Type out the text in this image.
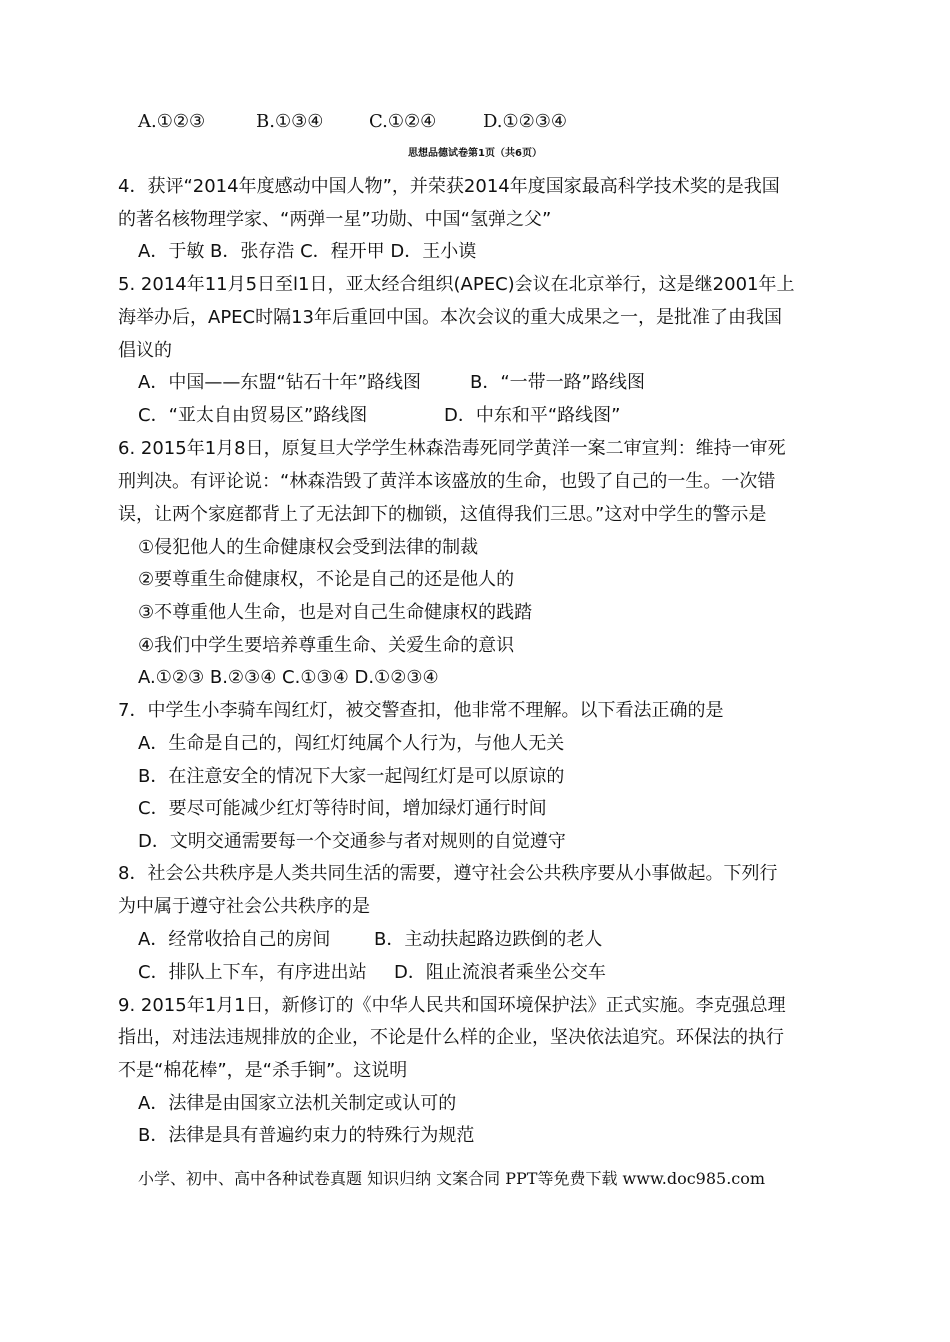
A.①②③	B.①③④	C.①②④	D.①②③④
思想品德试卷第1页（共6页）
4．获评“2014年度感动中国人物”，并荣获2014年度国家最高科学技术奖的是我国
的著名核物理学家、“两弹一星”功勋、中国“氢弹之父”
A．于敏 B．张存浩 C．程开甲 D．王小谟
5. 2014年11月5日至l1日，亚太经合组织(APEC)会议在北京举行，这是继2001年上
海举办后，APEC时隔13年后重回中国。本次会议的重大成果之一，是批准了由我国
倡议的
A．中国——东盟“钻石十年”路线图	B．“一带一路”路线图
C．“亚太自由贸易区”路线图	D．中东和平“路线图”
6. 2015年1月8日，原复旦大学学生林森浩毒死同学黄洋一案二审宣判：维持一审死
刑判决。有评论说：“林森浩毁了黄洋本该盛放的生命，也毁了自己的一生。一次错
误，让两个家庭都背上了无法卸下的枷锁，这值得我们三思。”这对中学生的警示是
①侵犯他人的生命健康权会受到法律的制裁
②要尊重生命健康权，不论是自己的还是他人的
③不尊重他人生命，也是对自己生命健康权的践踏
④我们中学生要培养尊重生命、关爱生命的意识
A.①②③ B.②③④ C.①③④ D.①②③④
7．中学生小李骑车闯红灯，被交警查扣，他非常不理解。以下看法正确的是
A．生命是自己的，闯红灯纯属个人行为，与他人无关
B．在注意安全的情况下大家一起闯红灯是可以原谅的
C．要尽可能减少红灯等待时间，增加绿灯通行时间
D．文明交通需要每一个交通参与者对规则的自觉遵守
8．社会公共秩序是人类共同生活的需要，遵守社会公共秩序要从小事做起。下列行
为中属于遵守社会公共秩序的是
A．经常收拾自己的房间 B．主动扶起路边跌倒的老人
C．排队上下车，有序进出站 D．阻止流浪者乘坐公交车
9. 2015年1月1日，新修订的《中华人民共和国环境保护法》正式实施。李克强总理
指出，对违法违规排放的企业，不论是什么样的企业，坚决依法追究。环保法的执行
不是“棉花棒”，是“杀手锏”。这说明
A．法律是由国家立法机关制定或认可的
B．法律是具有普遍约束力的特殊行为规范
小学、初中、高中各种试卷真题 知识归纳 文案合同 PPT等免费下载 www.doc985.com
